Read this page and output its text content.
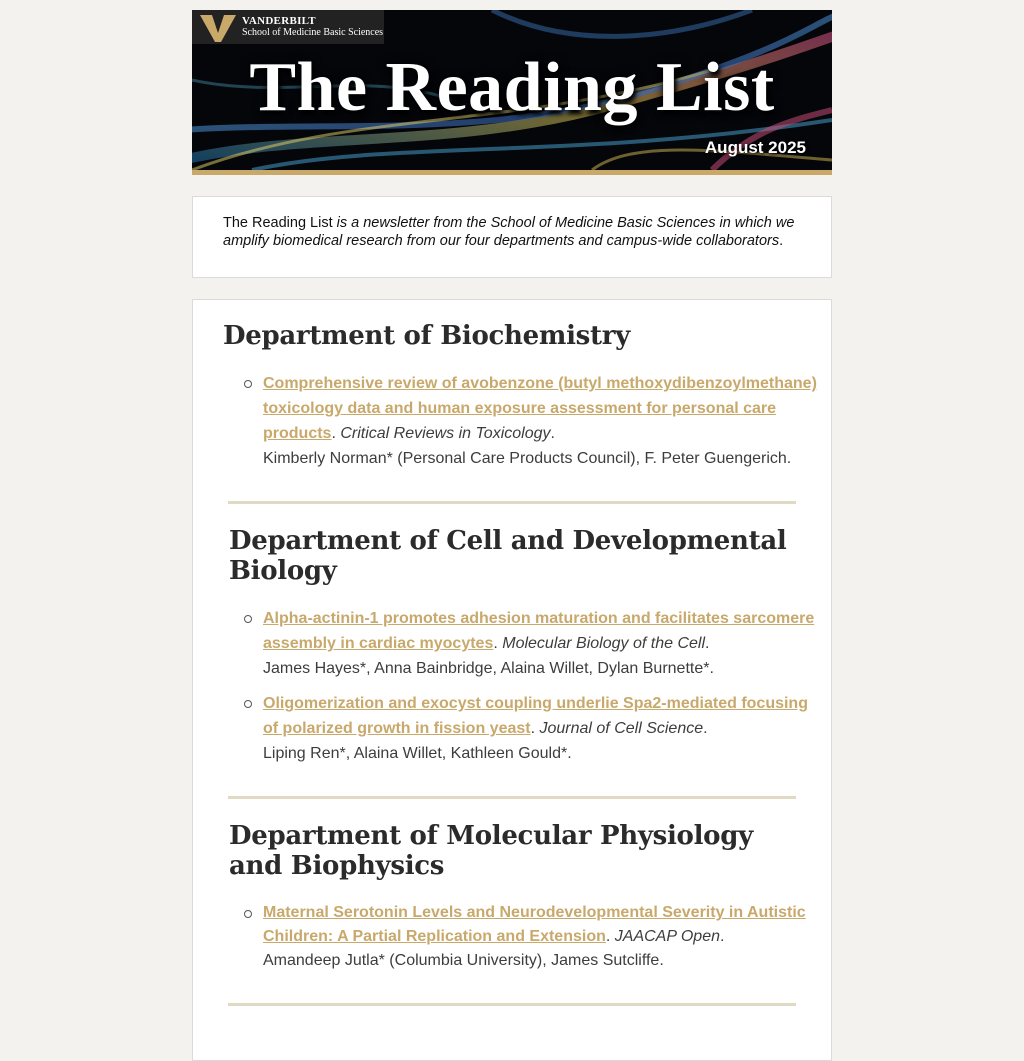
VANDERBILT
School of Medicine Basic Sciences
The Reading List
August 2025

The Reading List is a newsletter from the School of Medicine Basic Sciences in which we amplify biomedical research from our four departments and campus-wide collaborators.

Department of Biochemistry
Comprehensive review of avobenzone (butyl methoxydibenzoylmethane) toxicology data and human exposure assessment for personal care products. Critical Reviews in Toxicology.
Kimberly Norman* (Personal Care Products Council), F. Peter Guengerich.
Department of Cell and Developmental Biology
Alpha-actinin-1 promotes adhesion maturation and facilitates sarcomere assembly in cardiac myocytes. Molecular Biology of the Cell.
James Hayes*, Anna Bainbridge, Alaina Willet, Dylan Burnette*.
Oligomerization and exocyst coupling underlie Spa2-mediated focusing of polarized growth in fission yeast. Journal of Cell Science.
Liping Ren*, Alaina Willet, Kathleen Gould*.
Department of Molecular Physiology and Biophysics
Maternal Serotonin Levels and Neurodevelopmental Severity in Autistic Children: A Partial Replication and Extension. JAACAP Open.
Amandeep Jutla* (Columbia University), James Sutcliffe.
